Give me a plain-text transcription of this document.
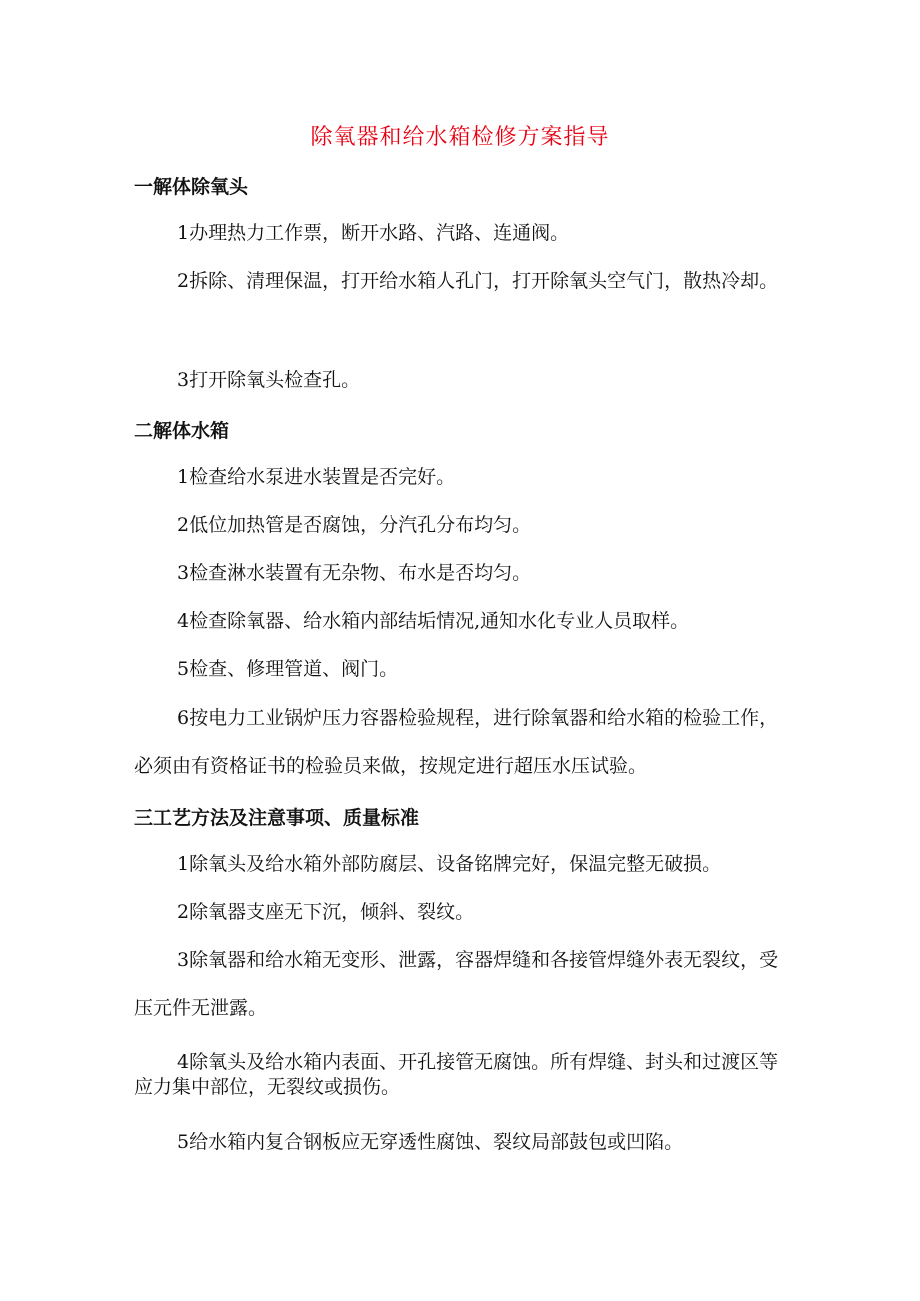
除氧器和给水箱检修方案指导
一解体除氧头
1办理热力工作票，断开水路、汽路、连通阀。
2拆除、清理保温，打开给水箱人孔门，打开除氧头空气门，散热冷却。
3打开除氧头检查孔。
二解体水箱
1检查给水泵进水装置是否完好。
2低位加热管是否腐蚀，分汽孔分布均匀。
3检查淋水装置有无杂物、布水是否均匀。
4检查除氧器、给水箱内部结垢情况,通知水化专业人员取样。
5检查、修理管道、阀门。
6按电力工业锅炉压力容器检验规程，进行除氧器和给水箱的检验工作，必须由有资格证书的检验员来做，按规定进行超压水压试验。
三工艺方法及注意事项、质量标准
1除氧头及给水箱外部防腐层、设备铭牌完好，保温完整无破损。
2除氧器支座无下沉，倾斜、裂纹。
3除氧器和给水箱无变形、泄露，容器焊缝和各接管焊缝外表无裂纹，受压元件无泄露。
4除氧头及给水箱内表面、开孔接管无腐蚀。所有焊缝、封头和过渡区等应力集中部位，无裂纹或损伤。
5给水箱内复合钢板应无穿透性腐蚀、裂纹局部鼓包或凹陷。
